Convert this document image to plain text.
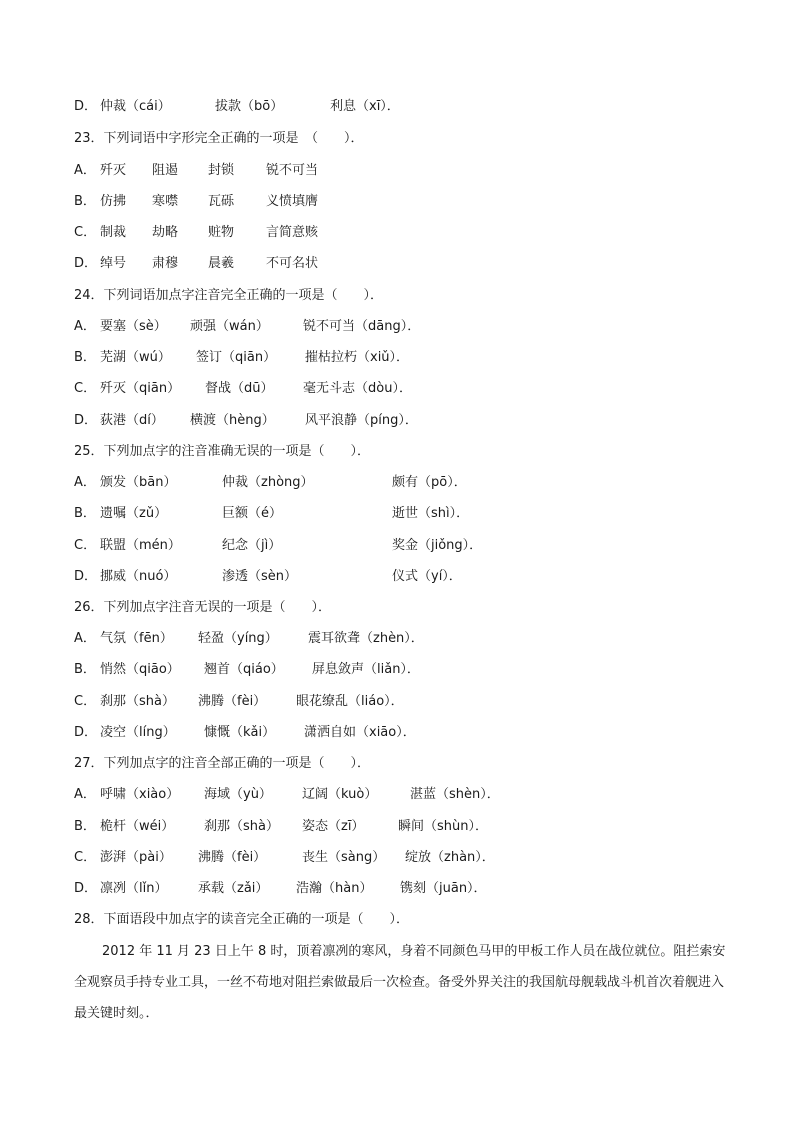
D． 仲裁（cái）	拔款（bō）	利息（xī）．
23．下列词语中字形完全正确的一项是　（　　）．
A． 歼灭 阻遏 封锁 锐不可当
B． 仿拂 寒噤 瓦砾 义愤填膺
C． 制裁 劫略 赃物 言简意赅
D． 绰号 肃穆 晨羲 不可名状
24．下列词语加点字注音完全正确的一项是（　　）．
A． 要塞（sè） 顽强（wán）	锐不可当（dāng）．
B． 芜湖（wú） 签订（qiān） 摧枯拉朽（xiǔ）．
C． 歼灭（qiān） 督战（dū） 毫无斗志（dòu）．
D． 荻港（dí） 横渡（hèng） 风平浪静（píng）．
25．下列加点字的注音准确无误的一项是（　　）．
A． 颁发（bān）	仲裁（zhòng）	颇有（pō）．
B． 遗嘱（zǔ）	巨额（é）	逝世（shì）．
C． 联盟（mén）	纪念（jì）	奖金（jiǒng）．
D． 挪威（nuó）	渗透（sèn）	仪式（yí）．
26．下列加点字注音无误的一项是（　　）．
A． 气氛（fēn） 轻盈（yíng） 震耳欲聋（zhèn）．
B． 悄然（qiāo） 翘首（qiáo） 屏息敛声（liǎn）．
C． 刹那（shà） 沸腾（fèi） 眼花缭乱（liáo）．
D． 凌空（líng） 慷慨（kǎi） 潇洒自如（xiāo）．
27．下列加点字的注音全部正确的一项是（　　）．
A． 呼啸（xiào） 海域（yù） 辽阔（kuò）	湛蓝（shèn）．
B． 桅杆（wéi） 刹那（shà） 姿态（zī）	瞬间（shùn）．
C． 澎湃（pài） 沸腾（fèi）	丧生（sàng） 绽放（zhàn）．
D． 凛冽（lǐn） 承载（zǎi） 浩瀚（hàn） 镌刻（juān）．
28．下面语段中加点字的读音完全正确的一项是（　　）．
2012 年 11 月 23 日上午 8 时，顶着凛冽的寒风，身着不同颜色马甲的甲板工作人员在战位就位。阻拦索安全观察员手持专业工具，一丝不苟地对阻拦索做最后一次检查。备受外界关注的我国航母舰载战斗机首次着舰进入最关键时刻。．
